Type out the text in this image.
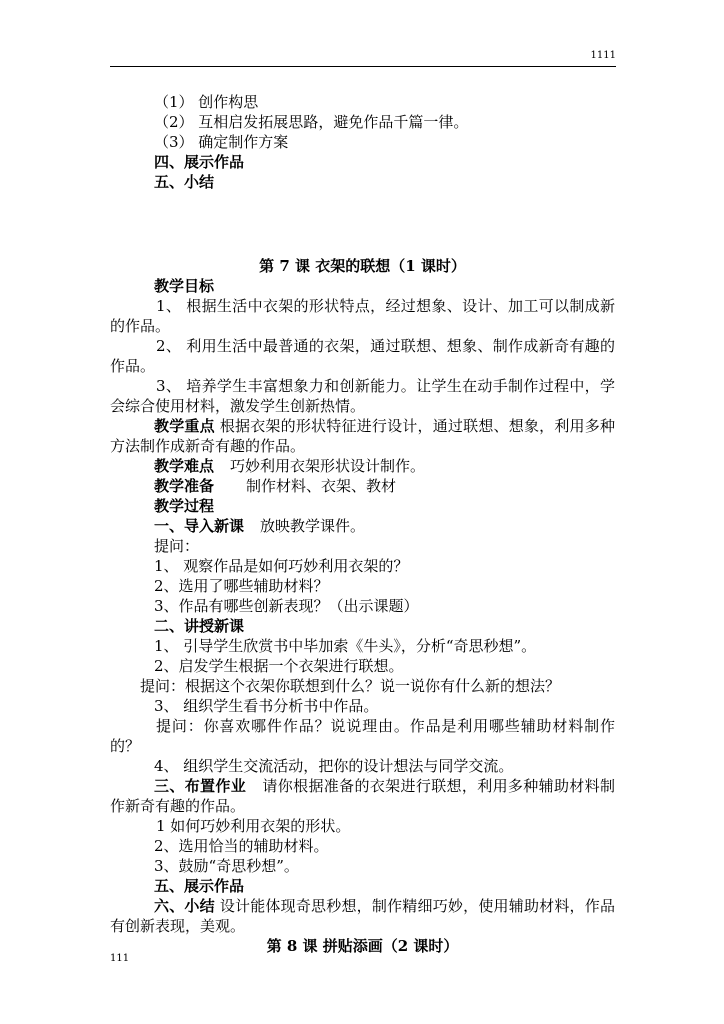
1111
（1） 创作构思
（2） 互相启发拓展思路，避免作品千篇一律。
（3） 确定制作方案
四、展示作品
五、小结
第 7 课 衣架的联想（1 课时）
教学目标
1、 根据生活中衣架的形状特点，经过想象、设计、加工可以制成新的作品。
2、 利用生活中最普通的衣架，通过联想、想象、制作成新奇有趣的作品。
3、 培养学生丰富想象力和创新能力。让学生在动手制作过程中，学会综合使用材料，激发学生创新热情。
教学重点 根据衣架的形状特征进行设计，通过联想、想象，利用多种方法制作成新奇有趣的作品。
教学难点 巧妙利用衣架形状设计制作。
教学准备 制作材料、衣架、教材
教学过程
一、导入新课 放映教学课件。
提问：
1、 观察作品是如何巧妙利用衣架的？
2、选用了哪些辅助材料？
3、作品有哪些创新表现？（出示课题）
二、讲授新课
1、 引导学生欣赏书中毕加索《牛头》，分析“奇思秒想”。
2、启发学生根据一个衣架进行联想。
提问：根据这个衣架你联想到什么？说一说你有什么新的想法？
3、 组织学生看书分析书中作品。
提问：你喜欢哪件作品？说说理由。作品是利用哪些辅助材料制作的？
4、 组织学生交流活动，把你的设计想法与同学交流。
三、布置作业 请你根据准备的衣架进行联想，利用多种辅助材料制作新奇有趣的作品。
1 如何巧妙利用衣架的形状。
2、选用恰当的辅助材料。
3、鼓励“奇思秒想”。
五、展示作品
六、小结 设计能体现奇思秒想，制作精细巧妙，使用辅助材料，作品有创新表现，美观。
第 8 课 拼贴添画（2 课时）
111
